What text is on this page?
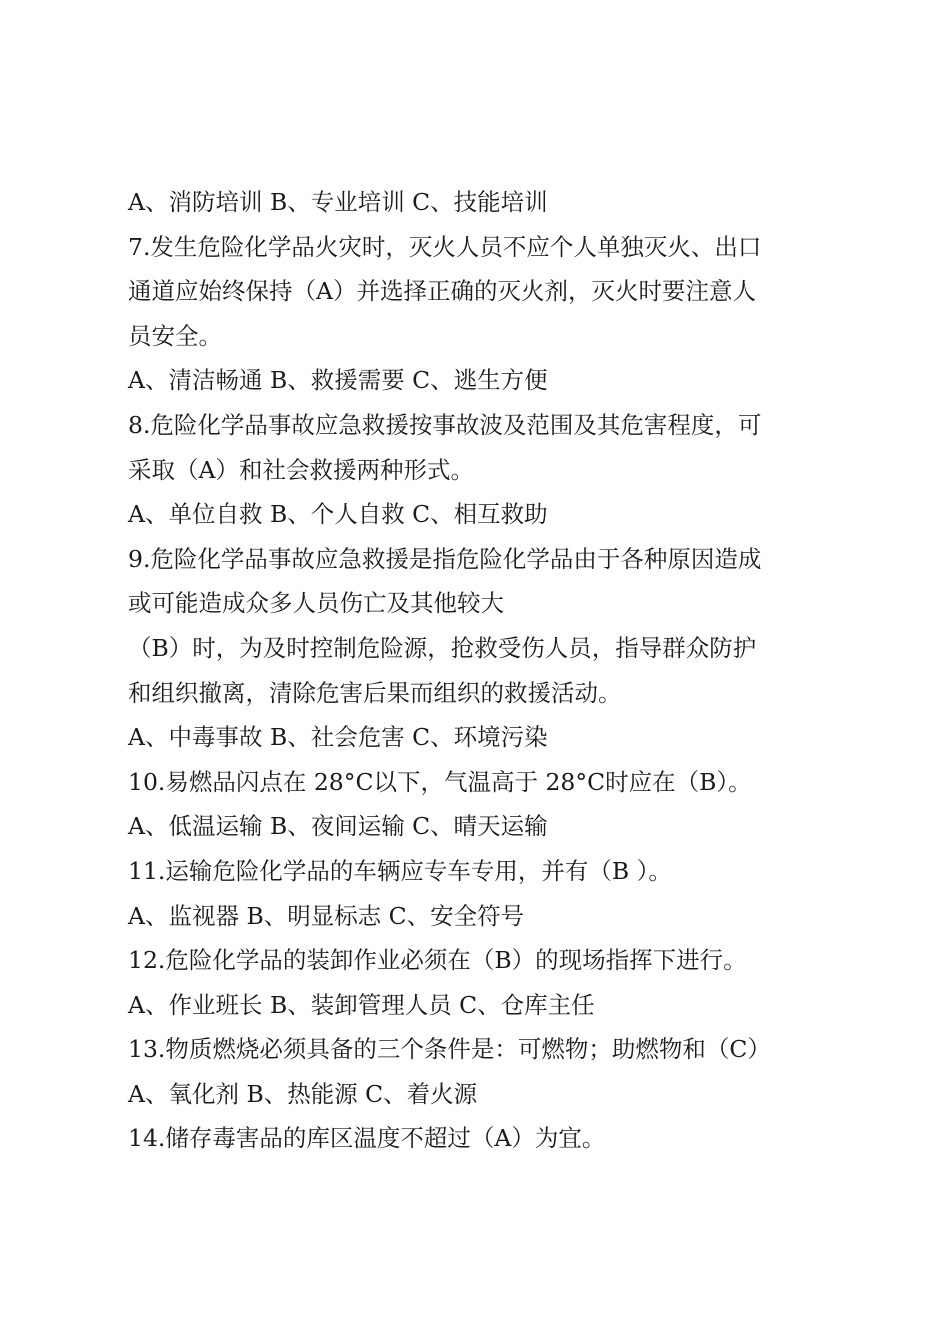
A、消防培训 B、专业培训 C、技能培训

7.发生危险化学品火灾时，灭火人员不应个人单独灭火、出口

通道应始终保持（A）并选择正确的灭火剂，灭火时要注意人

员安全。

A、清洁畅通 B、救援需要 C、逃生方便

8.危险化学品事故应急救援按事故波及范围及其危害程度，可

采取（A）和社会救援两种形式。

A、单位自救 B、个人自救 C、相互救助

9.危险化学品事故应急救援是指危险化学品由于各种原因造成

或可能造成众多人员伤亡及其他较大

（B）时，为及时控制危险源，抢救受伤人员，指导群众防护

和组织撤离，清除危害后果而组织的救援活动。

A、中毒事故 B、社会危害 C、环境污染

10.易燃品闪点在 28°C以下，气温高于 28°C时应在（B）。

A、低温运输 B、夜间运输 C、晴天运输

11.运输危险化学品的车辆应专车专用，并有（B ）。

A、监视器 B、明显标志 C、安全符号

12.危险化学品的装卸作业必须在（B）的现场指挥下进行。

A、作业班长 B、装卸管理人员 C、仓库主任

13.物质燃烧必须具备的三个条件是：可燃物；助燃物和（C）

A、氧化剂 B、热能源 C、着火源

14.储存毒害品的库区温度不超过（A）为宜。
